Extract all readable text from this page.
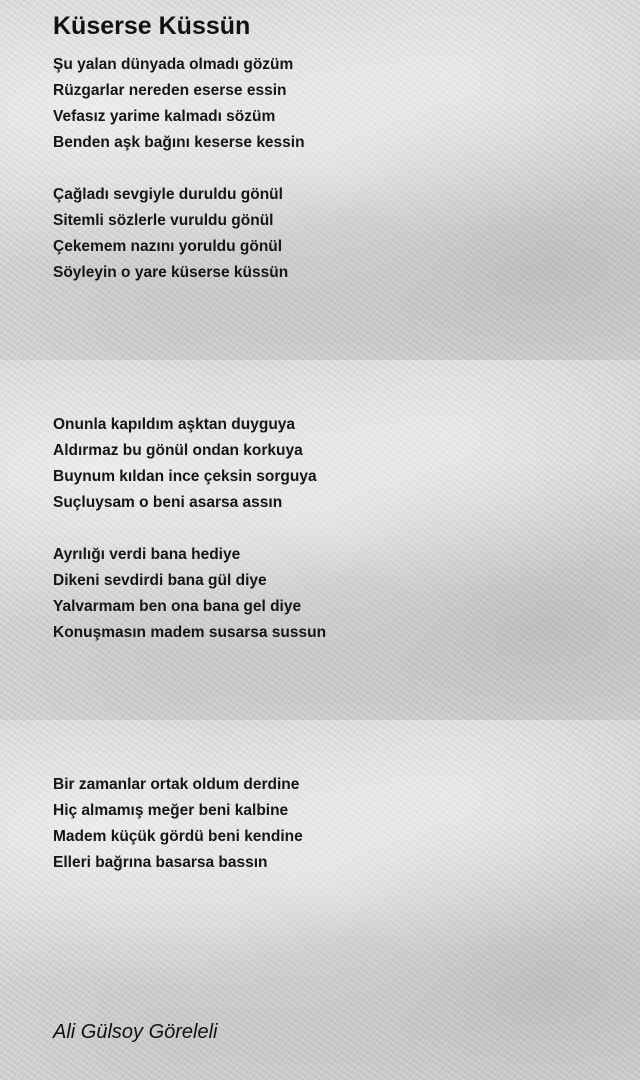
Küserse Küssün
Şu yalan dünyada olmadı gözüm
Rüzgarlar nereden eserse essin
Vefasız yarime kalmadı sözüm
Benden aşk bağını keserse kessin
Çağladı sevgiyle duruldu gönül
Sitemli sözlerle vuruldu gönül
Çekemem nazını yoruldu gönül
Söyleyin o yare küserse küssün
Onunla kapıldım aşktan duyguya
Aldırmaz bu gönül ondan korkuya
Buynum kıldan ince çeksin sorguya
Suçluysam o beni asarsa assın
Ayrılığı verdi bana hediye
Dikeni sevdirdi bana gül diye
Yalvarmam ben ona bana gel diye
Konuşmasın madem susarsa sussun
Bir zamanlar ortak oldum derdine
Hiç almamış meğer beni kalbine
Madem küçük gördü beni kendine
Elleri bağrına basarsa bassın

Ali Gülsoy Göreleli
